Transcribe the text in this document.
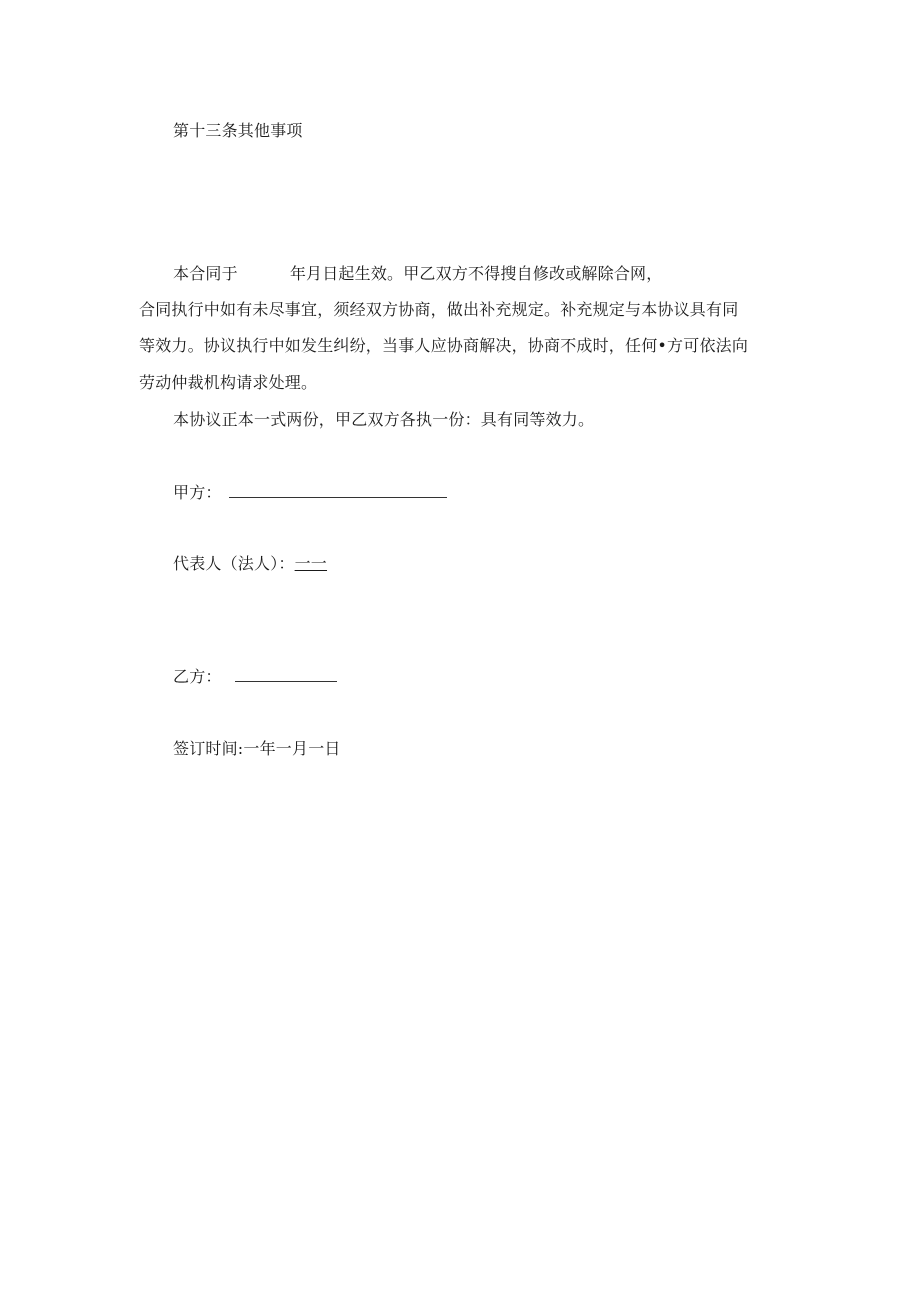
第十三条其他事项
本合同于	年月日起生效。甲乙双方不得搜自修改或解除合网，
合同执行中如有未尽事宜，须经双方协商，做出补充规定。补充规定与本协议具有同
等效力。协议执行中如发生纠纷，当事人应协商解决，协商不成时，任何•方可依法向
劳动仲裁机构请求处理。
本协议正本一式两份，甲乙双方各执一份：具有同等效力。
甲方：
代表人（法人）：一一
乙方：
签订时间:一年一月一日
